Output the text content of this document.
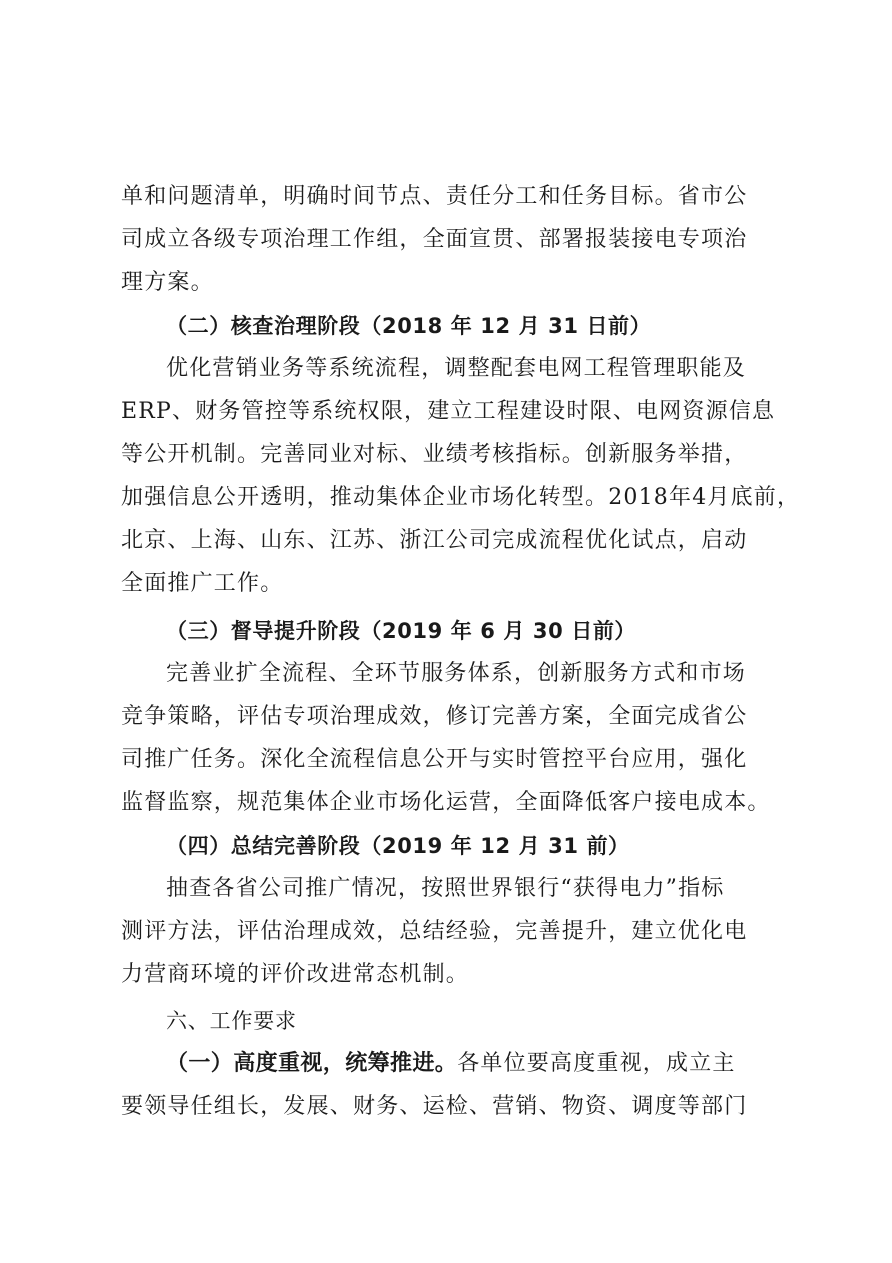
单和问题清单，明确时间节点、责任分工和任务目标。省市公
司成立各级专项治理工作组，全面宣贯、部署报装接电专项治
理方案。
（二）核查治理阶段（2018 年 12 月 31 日前）
优化营销业务等系统流程，调整配套电网工程管理职能及
ERP、财务管控等系统权限，建立工程建设时限、电网资源信息
等公开机制。完善同业对标、业绩考核指标。创新服务举措，
加强信息公开透明，推动集体企业市场化转型。2018年4月底前，
北京、上海、山东、江苏、浙江公司完成流程优化试点，启动
全面推广工作。
（三）督导提升阶段（2019 年 6 月 30 日前）
完善业扩全流程、全环节服务体系，创新服务方式和市场
竞争策略，评估专项治理成效，修订完善方案，全面完成省公
司推广任务。深化全流程信息公开与实时管控平台应用，强化
监督监察，规范集体企业市场化运营，全面降低客户接电成本。
（四）总结完善阶段（2019 年 12 月 31 前）
抽查各省公司推广情况，按照世界银行“获得电力”指标
测评方法，评估治理成效，总结经验，完善提升，建立优化电
力营商环境的评价改进常态机制。
六、工作要求
（一）高度重视，统筹推进。各单位要高度重视，成立主
要领导任组长，发展、财务、运检、营销、物资、调度等部门
